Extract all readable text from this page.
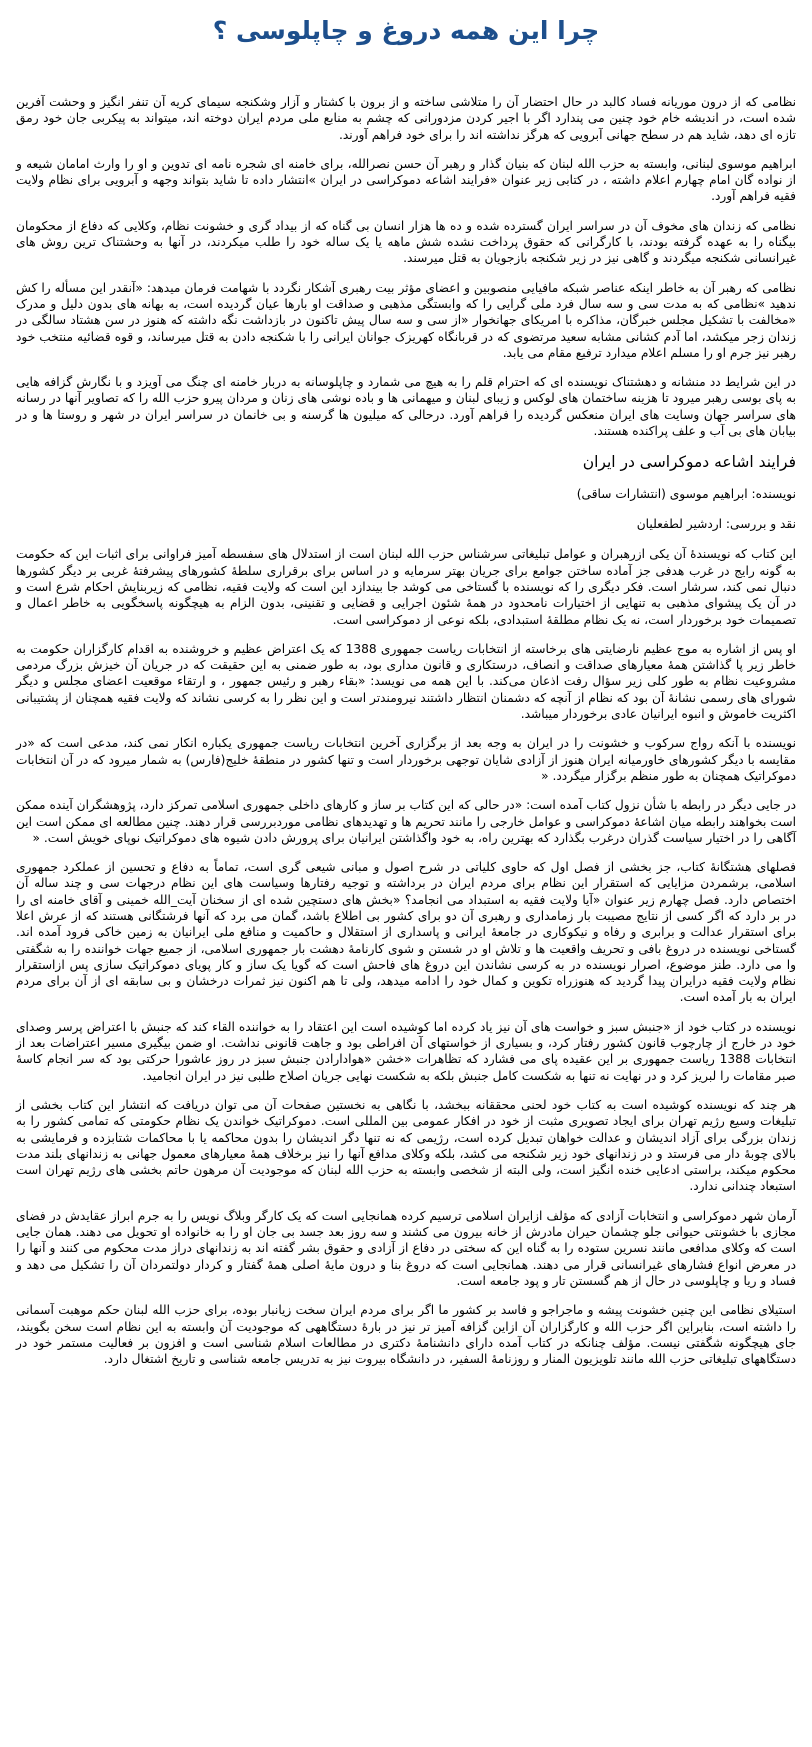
چرا این همه دروغ و چاپلوسی ؟

نظامی که از درون موریانه فساد کالبد در حال احتضار آن را متلاشی ساخته و از برون با کشتار و آزار وشکنجه سیمای کریه آن تنفر انگیز و وحشت آفرین شده است، در اندیشه خام خود چنین می پندارد اگر با اجیر کردن مزدورانی که چشم به منابع ملی مردم ایران دوخته اند، میتواند به پیکربی جان خود رمق تازه ای دهد، شاید هم در سطح جهانی آبرویی که هرگز نداشته اند را برای خود فراهم آورند.

ابراهیم موسوی لبنانی، وابسته به حزب الله لبنان که بنیان گذار و رهبر آن حسن نصرالله، برای خامنه ای شجره نامه ای تدوین و او را وارث امامان شیعه و از نواده گان امام چهارم اعلام داشته ، در کتابی زیر عنوان «فرایند اشاعه دموکراسی در ایران »انتشار داده تا شاید بتواند وجهه و آبرویی برای نظام ولایت فقیه فراهم آورد.

نظامی که زندان های مخوف آن در سراسر ایران گسترده شده و ده ها هزار انسان بی گناه که از بیداد گری و خشونت نظام، وکلایی که دفاع از محکومان بیگناه را به عهده گرفته بودند، با کارگرانی که حقوق پرداخت نشده شش ماهه یا یک ساله خود را طلب میکردند، در آنها به وحشتناک ترین روش های غیرانسانی شکنجه میگردند و گاهی نیز در زیر شکنجه بازجویان به قتل میرسند.

نظامی که رهبر آن به خاطر اینکه عناصر شبکه مافیایی منصوبین و اعضای مؤثر بیت رهبری آشکار نگردد با شهامت فرمان میدهد: «آنقدر این مسأله را کش ندهید »نظامی که به مدت سی و سه سال فرد ملی گرایی را که وابستگی مذهبی و صداقت او بارها عیان گردیده است، به بهانه های بدون دلیل و مدرک «مخالفت با تشکیل مجلس خبرگان، مذاکره با امریکای جهانخوار «از سی و سه سال پیش تاکنون در بازداشت نگه داشته که هنوز در سن هشتاد سالگی در زندان زجر میکشد، اما آدم کشانی مشابه سعید مرتضوی که در قربانگاه کهریزک جوانان ایرانی را با شکنجه دادن به قتل میرساند، و قوه قضائیه منتخب خود رهبر نیز جرم او را مسلم اعلام میدارد ترفیع مقام می یابد.

در این شرایط دد منشانه و دهشتناک نویسنده ای که احترام قلم را به هیچ می شمارد و چاپلوسانه به دربار خامنه ای چنگ می آویزد و با نگارش گزافه هایی به پای بوسی رهبر میرود تا هزینه ساختمان های لوکس و زیبای لبنان و میهمانی ها و باده نوشی های زنان و مردان پیرو حزب الله را که تصاویر آنها در رسانه های سراسر جهان وسایت های ایران منعکس گردیده را فراهم آورد. درحالی که میلیون ها گرسنه و بی خانمان در سراسر ایران در شهر و روستا ها و در بیابان های بی آب و علف پراکنده هستند.

فرایند اشاعه دموکراسی در ایران

نویسنده: ابراهیم موسوی (انتشارات ساقی)

نقد و بررسی: اردشیر لطفعلیان

این کتاب که نویسندهٔ آن یکی ازرهبران و عوامل تبلیغاتی سرشناس حزب الله لبنان است از استدلال های سفسطه آمیز فراوانی برای اثبات این که حکومت به گونه رایج در غرب هدفی جز آماده ساختن جوامع برای جریان بهتر سرمایه و در اساس برای برقراری سلطهٔ کشورهای پیشرفتهٔ غربی بر دیگر کشورها دنبال نمی کند، سرشار است. فکر دیگری را که نویسنده با گستاخی می کوشد جا بیندازد این است که ولایت فقیه، نظامی که زیربنایش احکام شرع است و در آن یک پیشوای مذهبی به تنهایی از اختیارات نامحدود در همهٔ شئون اجرایی و قضایی و تقنینی، بدون الزام به هیچگونه پاسخگویی به خاطر اعمال و تصمیمات خود برخوردار است، نه یک نظام مطلقهٔ استبدادی، بلکه نوعی از دموکراسی است.

او پس از اشاره به موج عظیم نارضایتی های برخاسته از انتخابات ریاست جمهوری 1388 که یک اعتراض عظیم و خروشنده به اقدام کارگزاران حکومت به خاطر زیر پا گذاشتن همهٔ معیارهای صداقت و انصاف، درستکاری و قانون مداری بود، به طور ضمنی به این حقیقت که در جریان آن خیزش بزرگ مردمی مشروعیت نظام به طور کلی زیر سؤال رفت اذعان می‌کند. با این همه می نویسد: «بقاء رهبر و رئیس جمهور ، و ارتقاء موقعیت اعضای مجلس و دیگر شورای های رسمی نشانهٔ آن بود که نظام از آنچه که دشمنان انتظار داشتند نیرومندتر است و این نظر را به کرسی نشاند که ولایت فقیه همچنان از پشتیبانی اکثریت خاموش و انبوه ایرانیان عادی برخوردار میباشد.

نویسنده با آنکه رواج سرکوب و خشونت را در ایران به وجه بعد از برگزاری آخرین انتخابات ریاست جمهوری یکباره انکار نمی کند، مدعی است که «در مقایسه با دیگر کشورهای خاورمیانه ایران هنوز از آزادی شایان توجهی برخوردار است و تنها کشور در منطقهٔ خلیج(فارس) به شمار میرود که در آن انتخابات دموکراتیک همچنان به طور منظم برگزار میگردد. «

در جایی دیگر در رابطه با شأن نزول کتاب آمده است: «در حالی که این کتاب بر ساز و کارهای داخلی جمهوری اسلامی تمرکز دارد، پژوهشگران آینده ممکن است بخواهند رابطه میان اشاعهٔ دموکراسی و عوامل خارجی را مانند تحریم ها و تهدیدهای نظامی موردبررسی قرار دهند. چنین مطالعه ای ممکن است این آگاهی را در اختیار سیاست گذران درغرب بگذارد که بهترین راه، به خود واگذاشتن ایرانیان برای پرورش دادن شیوه های دموکراتیک نوپای خویش است. «

فصلهای هشتگانهٔ کتاب، جز بخشی از فصل اول که حاوی کلیاتی در شرح اصول و مبانی شیعی گری است، تماماً به دفاع و تحسین از عملکرد جمهوری اسلامی، برشمردن مزایایی که استقرار این نظام برای مردم ایران در برداشته و توجیه رفتارها وسیاست های این نظام درجهات سی و چند ساله آن اختصاص دارد. فصل چهارم زیر عنوان «آیا ولایت فقیه به استبداد می انجامد؟ «بخش های دستچین شده ای از سخنان آیت_الله خمینی و آقای خامنه ای را در بر دارد که اگر کسی از نتایج مصیبت بار زمامداری و رهبری آن دو برای کشور بی اطلاع باشد، گمان می برد که آنها فرشتگانی هستند که از عرش اعلا برای استقرار عدالت و برابری و رفاه و نیکوکاری در جامعهٔ ایرانی و پاسداری از استقلال و حاکمیت و منافع ملی ایرانیان به زمین خاکی فرود آمده اند. گستاخی نویسنده در دروغ بافی و تحریف واقعیت ها و تلاش او در شستن و شوی کارنامهٔ دهشت بار جمهوری اسلامی، از جمیع جهات خواننده را به شگفتی وا می دارد. طنز موضوع، اصرار نویسنده در به کرسی نشاندن این دروغ های فاحش است که گویا یک ساز و کار پویای دموکراتیک سازی پس ازاستقرار نظام ولایت فقیه درایران پیدا گردید که هنوزراه تکوین و کمال خود را ادامه میدهد، ولی تا هم اکنون نیز ثمرات درخشان و بی سابقه ای از آن برای مردم ایران به بار آمده است.

نویسنده در کتاب خود از «جنبش سبز و خواست های آن نیز یاد کرده اما کوشیده است این اعتقاد را به خواننده القاء کند که جنبش با اعتراض پرسر وصدای خود در خارج از چارچوب قانون کشور رفتار کرد، و بسیاری از خواستهای آن افراطی بود و جاهت قانونی نداشت. او ضمن بیگیری مسیر اعتراضات بعد از انتخابات 1388 ریاست جمهوری بر این عقیده پای می فشارد که تظاهرات «خشن «هوادارادن جنبش سبز در روز عاشورا حرکتی بود که سر انجام کاسهٔ صبر مقامات را لبریز کرد و در نهایت نه تنها به شکست کامل جنبش بلکه به شکست نهایی جریان اصلاح طلبی نیز در ایران انجامید.

هر چند که نویسنده کوشیده است به کتاب خود لحنی محققانه ببخشد، با نگاهی به نخستین صفحات آن می توان دریافت که انتشار این کتاب بخشی از تبلیغات وسیع رژیم تهران برای ایجاد تصویری مثبت از خود در افکار عمومی بین المللی است. دموکراتیک خواندن یک نظام حکومتی که تمامی کشور را به زندان بزرگی برای آزاد اندیشان و عدالت خواهان تبدیل کرده است، رژیمی که نه تنها دگر اندیشان را بدون محاکمه یا با محاکمات شتابزده و فرمایشی به بالای چوبهٔ دار می فرستد و در زندانهای خود زیر شکنجه می کشد، بلکه وکلای مدافع آنها را نیز برخلاف همهٔ معیارهای معمول جهانی به زندانهای بلند مدت محکوم میکند، براستی ادعایی خنده انگیز است، ولی البته از شخصی وابسته به حزب الله لبنان که موجودیت آن مرهون حاتم بخشی های رژیم تهران است استبعاد چندانی ندارد.

آرمان شهر دموکراسی و انتخابات آزادی که مؤلف ازایران اسلامی ترسیم کرده همانجایی است که یک کارگر وبلاگ نویس را به جرم ابراز عقایدش در فضای مجازی با خشونتی حیوانی جلو چشمان حیران مادرش از خانه بیرون می کشند و سه روز بعد جسد بی جان او را به خانواده او تحویل می دهند. همان جایی است که وکلای مدافعی مانند نسرین ستوده را به گناه این که سختی در دفاع از آزادی و حقوق بشر گفته اند به زندانهای دراز مدت محکوم می کنند و آنها را در معرض انواع فشارهای غیرانسانی قرار می دهند. همانجایی است که دروغ بنا و درون مایهٔ اصلی همهٔ گفتار و کردار دولتمردان آن را تشکیل می دهد و فساد و ریا و چاپلوسی در حال از هم گسستن تار و پود جامعه است.

استیلای نظامی این چنین خشونت پیشه و ماجراجو و فاسد بر کشور ما اگر برای مردم ایران سخت زیانبار بوده، برای حزب الله لبنان حکم موهبت آسمانی را داشته است، بنابراین اگر حزب الله و کارگزاران آن ازاین گزافه آمیز تر نیز در بارهٔ دستگاههی که موجودیت آن وابسته به این نظام است سخن بگویند، جای هیچگونه شگفتی نیست. مؤلف چنانکه در کتاب آمده دارای دانشنامهٔ دکتری در مطالعات اسلام شناسی است و افزون بر فعالیت مستمر خود در دستگاههای تبلیغاتی حزب الله مانند تلویزیون المنار و روزنامهٔ السفیر، در دانشگاه بیروت نیز به تدریس جامعه شناسی و تاریخ اشتغال دارد.
